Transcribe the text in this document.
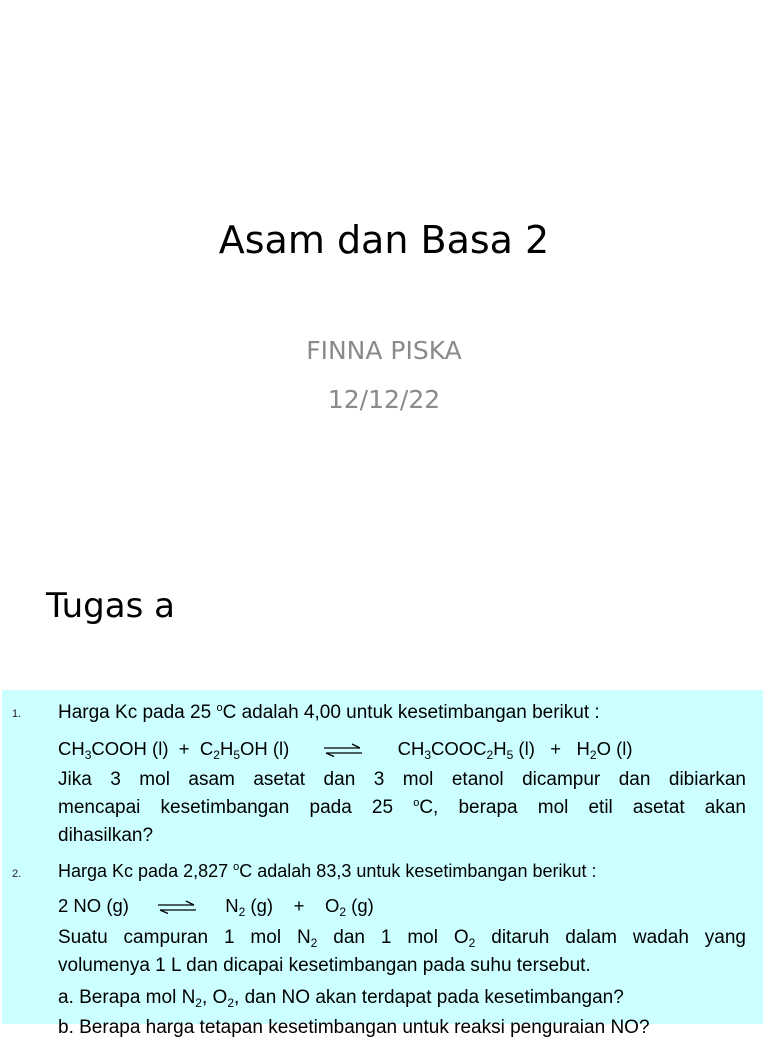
Asam dan Basa 2
FINNA PISKA
12/12/22
Tugas a
1. Harga Kc pada 25 $^o$C adalah 4,00 untuk kesetimbangan berikut :
$CH_3COOH$ $(l) + C_2H_5OH$ (l)	$CH_3COOC_2H_5$ $(l) + H_2O$ (l)
Jika 3 mol asam asetat dan 3 mol etanol dicampur dan dibiarkan
mencapai kesetimbangan pada 25 $^o$C, berapa mol etil asetat akan
dihasilkan?
2. Harga Kc pada 2,827 $^o$C adalah 83,3 untuk kesetimbangan berikut :
2 NO (g) ⇌ $N_2$ $(g) + O_2$ (g)
Suatu campuran 1 mol $N_2$ dan 1 mol $O_2$ ditaruh dalam wadah yang
volumenya 1 L dan dicapai kesetimbangan pada suhu tersebut.
a. Berapa mol $N_2$, $O_2$, dan NO akan terdapat pada kesetimbangan?
b. Berapa harga tetapan kesetimbangan untuk reaksi penguraian NO?
